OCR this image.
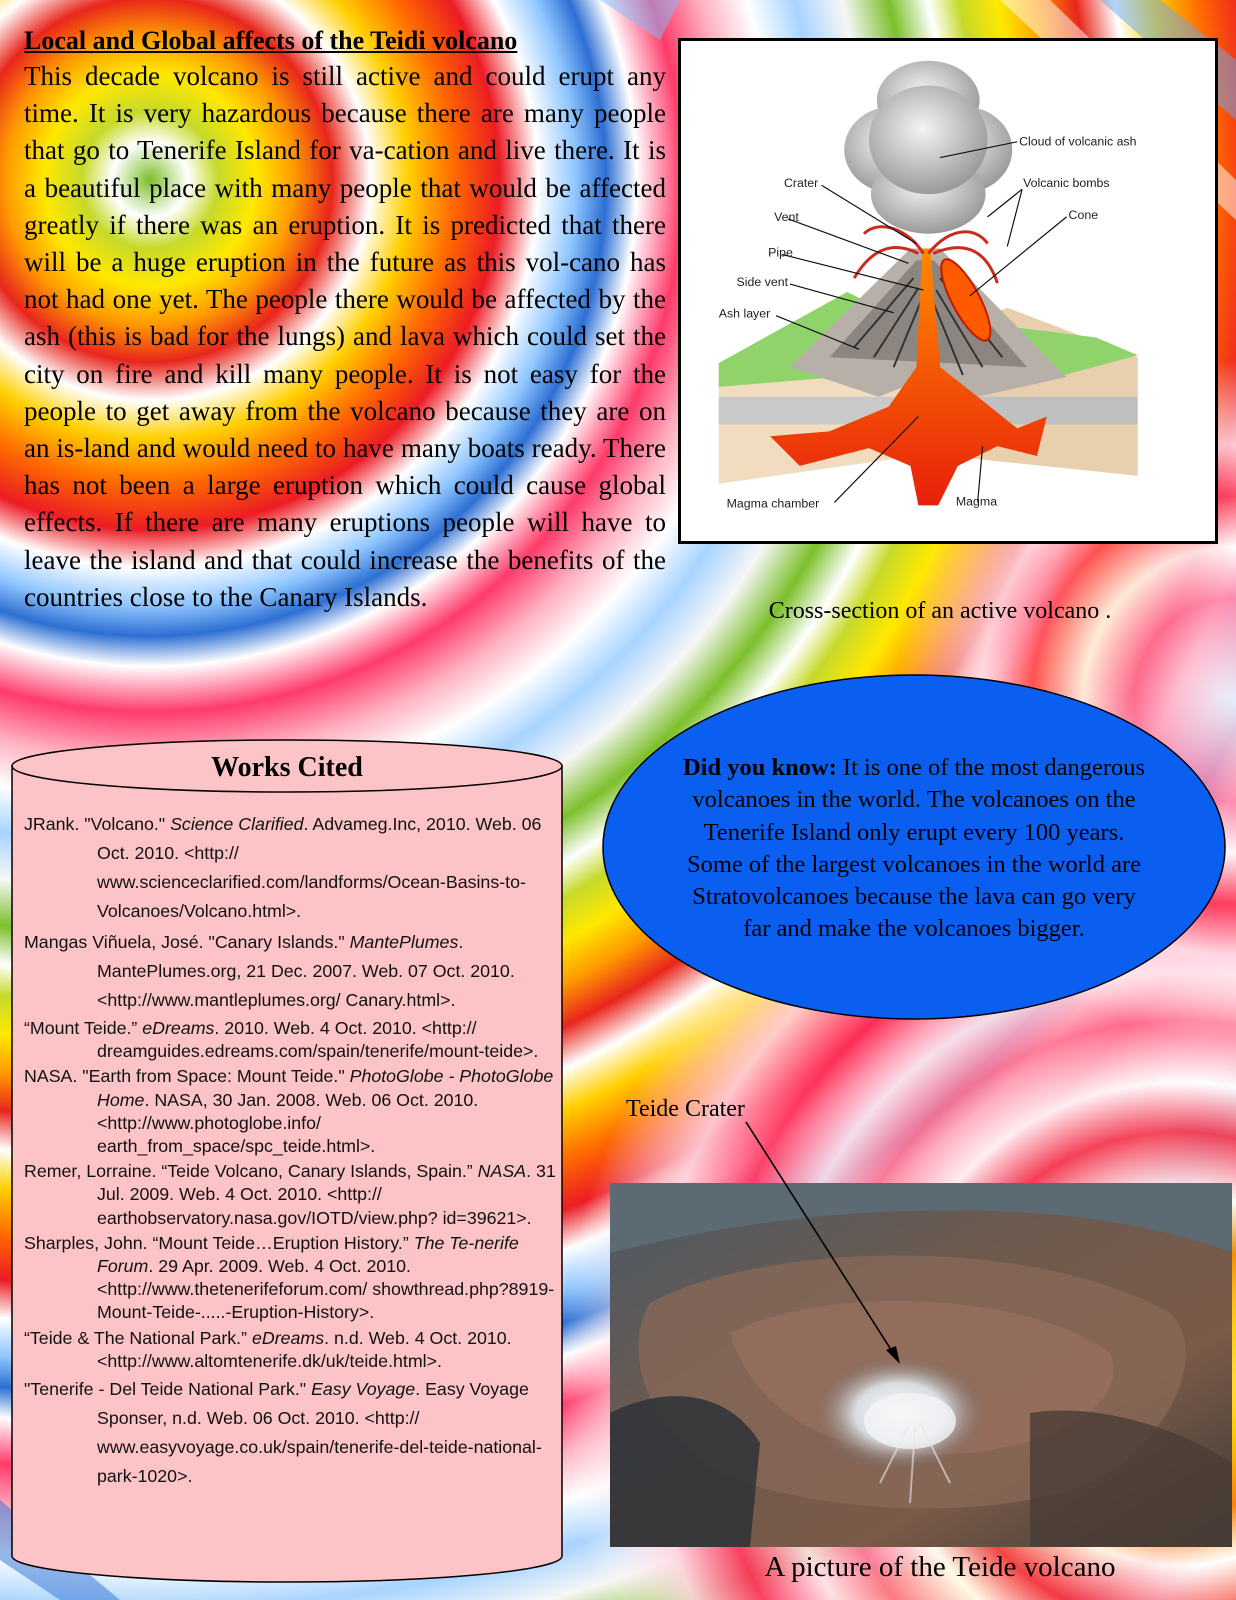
Local and Global affects of the Teidi volcano

This decade volcano is still active and could erupt any time. It is very hazardous because there are many people that go to Tenerife Island for va-cation and live there. It is a beautiful place with many people that would be affected greatly if there was an eruption. It is predicted that there will be a huge eruption in the future as this vol-cano has not had one yet. The people there would be affected by the ash (this is bad for the lungs) and lava which could set the city on fire and kill many people. It is not easy for the people to get away from the volcano because they are on an is-land and would need to have many boats ready. There has not been a large eruption which could cause global effects. If there are many eruptions people will have to leave the island and that could increase the benefits of the countries close to the Canary Islands.

Cloud of volcanic ash
Crater	Volcanic bombs
Vent	Cone
Pipe
Side vent
Ash layer
Magma chamber	Magma
Cross-section of an active volcano .
Did you know: It is one of the most dangerous volcanoes in the world. The volcanoes on the Tenerife Island only erupt every 100 years. Some of the largest volcanoes in the world are Stratovolcanoes because the lava can go very far and make the volcanoes bigger.
Works Cited

JRank. "Volcano." Science Clarified. Advameg.Inc, 2010. Web. 06 Oct. 2010. <http:// www.scienceclarified.com/landforms/Ocean-Basins-to-Volcanoes/Volcano.html>.

Mangas Viñuela, José. "Canary Islands." MantePlumes. MantePlumes.org, 21 Dec. 2007. Web. 07 Oct. 2010. <http://www.mantleplumes.org/ Canary.html>.

“Mount Teide.” eDreams. 2010. Web. 4 Oct. 2010. <http:// dreamguides.edreams.com/spain/tenerife/mount-teide>.

NASA. "Earth from Space: Mount Teide." PhotoGlobe - PhotoGlobe Home. NASA, 30 Jan. 2008. Web. 06 Oct. 2010. <http://www.photoglobe.info/ earth_from_space/spc_teide.html>.

Remer, Lorraine. “Teide Volcano, Canary Islands, Spain.” NASA. 31 Jul. 2009. Web. 4 Oct. 2010. <http:// earthobservatory.nasa.gov/IOTD/view.php? id=39621>.

Sharples, John. “Mount Teide…Eruption History.” The Te-nerife Forum. 29 Apr. 2009. Web. 4 Oct. 2010. <http://www.thetenerifeforum.com/ showthread.php?8919-Mount-Teide-.....-Eruption-History>.

“Teide & The National Park.” eDreams. n.d. Web. 4 Oct. 2010. <http://www.altomtenerife.dk/uk/teide.html>.

"Tenerife - Del Teide National Park." Easy Voyage. Easy Voyage Sponser, n.d. Web. 06 Oct. 2010. <http:// www.easyvoyage.co.uk/spain/tenerife-del-teide-national-park-1020>.

Teide Crater
A picture of the Teide volcano
